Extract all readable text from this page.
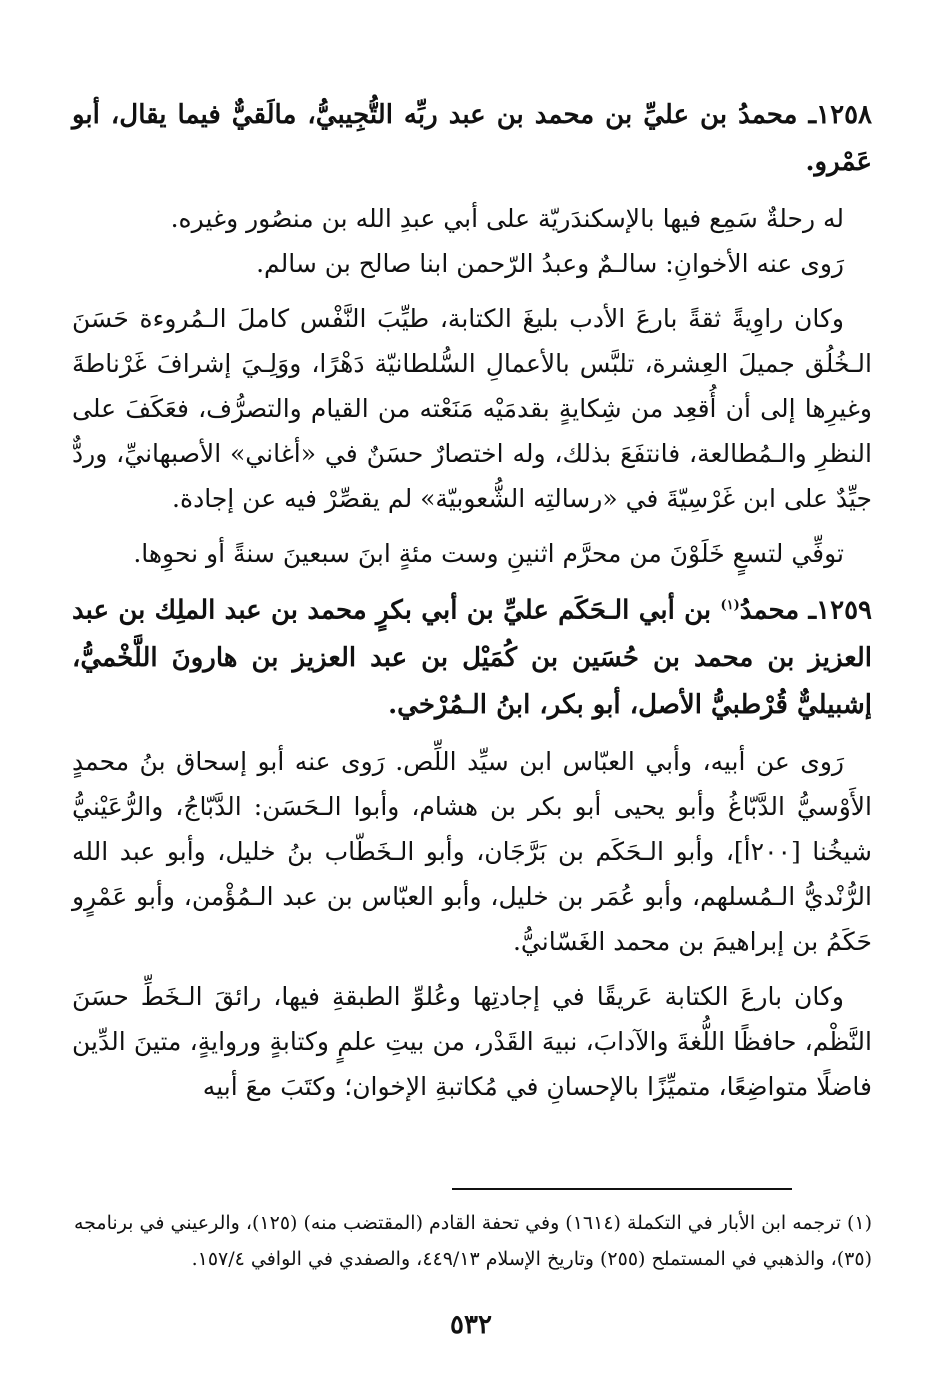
١٢٥٨ـ محمدُ بن عليِّ بن محمد بن عبد ربِّه التُّجِيبيُّ، مالَقيٌّ فيما يقال، أبو عَمْرو.

له رحلةٌ سَمِع فيها بالإسكندَريّة على أبي عبدِ الله بن منصُور وغيره.

رَوى عنه الأخوانِ: سالـمٌ وعبدُ الرّحمن ابنا صالح بن سالم.

وكان راوِيةً ثقةً بارعَ الأدب بليغَ الكتابة، طيِّبَ النَّفْس كاملَ الـمُروءة حَسَنَ الـخُلُق جميلَ العِشرة، تلبَّس بالأعمالِ السُّلطانيّة دَهْرًا، ووَلِـيَ إشرافَ غَرْناطةَ وغيرِها إلى أن أُقعِد من شِكايةٍ بقدمَيْه مَنَعْته من القيام والتصرُّف، فعَكَفَ على النظرِ والـمُطالعة، فانتفَعَ بذلك، وله اختصارٌ حسَنٌ في «أغاني» الأصبهانيِّ، وردٌّ جيِّدٌ على ابن غَرْسِيّةَ في «رسالتِه الشُّعوبيّة» لم يقصِّرْ فيه عن إجادة.

توفِّي لتسعٍ خَلَوْنَ من محرَّم اثنينِ وست مئةٍ ابنَ سبعينَ سنةً أو نحوِها.

١٢٥٩ـ محمدُ$^{(١)}$ بن أبي الـحَكَم عليِّ بن أبي بكرٍ محمد بن عبد الملِك بن عبد العزيز بن محمد بن حُسَين بن كُمَيْل بن عبد العزيز بن هارونَ اللَّخْميُّ، إشبيليٌّ قُرْطبيُّ الأصل، أبو بكر، ابنُ الـمُرْخي.

رَوى عن أبيه، وأبي العبّاس ابن سيِّد اللِّص. رَوى عنه أبو إسحاق بنُ محمدٍ الأَوْسيُّ الدَّبّاغُ وأبو يحيى أبو بكر بن هشام، وأبوا الـحَسَن: الدَّبّاجُ، والرُّعَيْنيُّ شيخُنا [٢٠٠أ]، وأبو الـحَكَم بن بَرَّجَان، وأبو الـخَطّاب بنُ خليل، وأبو عبد الله الرُّنْديُّ الـمُسلهم، وأبو عُمَر بن خليل، وأبو العبّاس بن عبد الـمُؤْمن، وأبو عَمْرٍو حَكَمُ بن إبراهيمَ بن محمد الغَسّانيُّ.

وكان بارعَ الكتابة عَريقًا في إجادتِها وعُلوِّ الطبقةِ فيها، رائقَ الـخَطِّ حسَنَ النَّظْم، حافظًا اللُّغةَ والآدابَ، نبيهَ القَدْر، من بيتِ علمٍ وكتابةٍ وروايةٍ، متينَ الدِّين فاضلًا متواضِعًا، متميِّزًا بالإحسانِ في مُكاتبةِ الإخوان؛ وكتَبَ معَ أبيه

(١) ترجمه ابن الأبار في التكملة (١٦١٤) وفي تحفة القادم (المقتضب منه) (١٢٥)، والرعيني في برنامجه

(٣٥)، والذهبي في المستملح (٢٥٥) وتاريخ الإسلام ٤٤٩/١٣، والصفدي في الوافي ١٥٧/٤.

٥٣٢
